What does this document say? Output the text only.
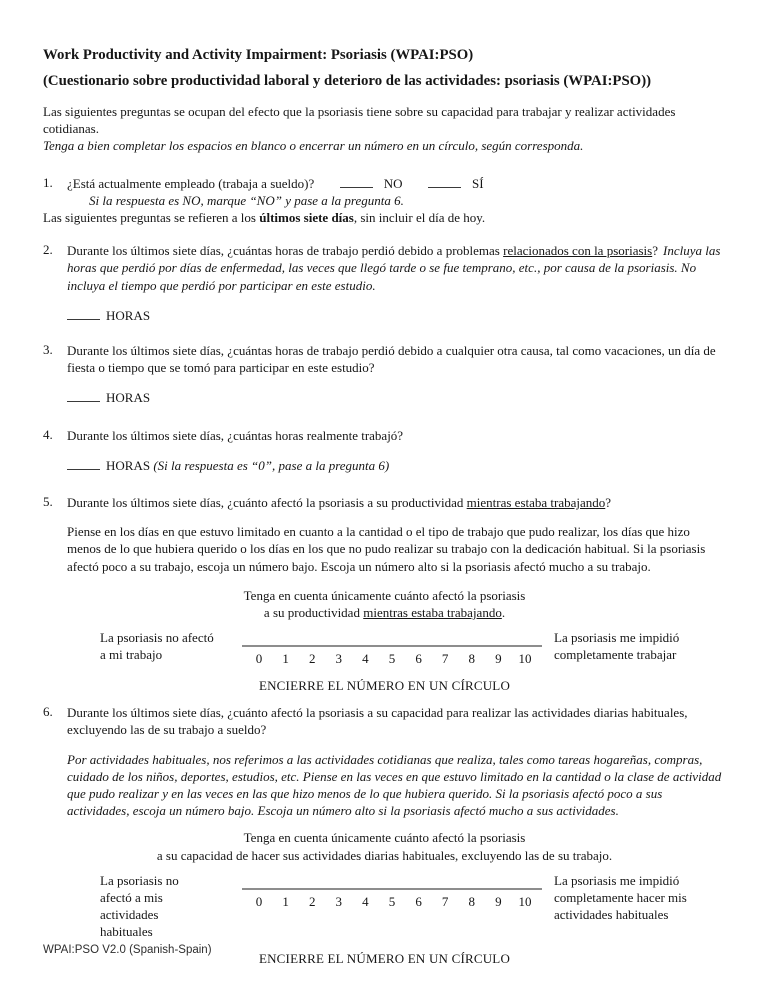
Work Productivity and Activity Impairment: Psoriasis (WPAI:PSO)

(Cuestionario sobre productividad laboral y deterioro de las actividades: psoriasis (WPAI:PSO))

Las siguientes preguntas se ocupan del efecto que la psoriasis tiene sobre su capacidad para trabajar y realizar actividades cotidianas.

Tenga a bien completar los espacios en blanco o encerrar un número en un círculo, según corresponda.

1.	¿Está actualmente empleado (trabaja a sueldo)?	NO	SÍ
Si la respuesta es NO, marque “NO” y pase a la pregunta 6.

Las siguientes preguntas se refieren a los últimos siete días, sin incluir el día de hoy.

2.	Durante los últimos siete días, ¿cuántas horas de trabajo perdió debido a problemas relacionados con la psoriasis? Incluya las horas que perdió por días de enfermedad, las veces que llegó tarde o se fue temprano, etc., por causa de la psoriasis. No incluya el tiempo que perdió por participar en este estudio.
HORAS
3.	Durante los últimos siete días, ¿cuántas horas de trabajo perdió debido a cualquier otra causa, tal como vacaciones, un día de fiesta o tiempo que se tomó para participar en este estudio?
HORAS
4.	Durante los últimos siete días, ¿cuántas horas realmente trabajó?
HORAS (Si la respuesta es “0”, pase a la pregunta 6)
5.	Durante los últimos siete días, ¿cuánto afectó la psoriasis a su productividad mientras estaba trabajando?
Piense en los días en que estuvo limitado en cuanto a la cantidad o el tipo de trabajo que pudo realizar, los días que hizo menos de lo que hubiera querido o los días en los que no pudo realizar su trabajo con la dedicación habitual. Si la psoriasis afectó poco a su trabajo, escoja un número bajo. Escoja un número alto si la psoriasis afectó mucho a su trabajo.
Tenga en cuenta únicamente cuánto afectó la psoriasis
a su productividad mientras estaba trabajando.
La psoriasis no afectó a mi trabajo	0 1 2 3 4 5 6 7 8 9 10
La psoriasis me impidió completamente trabajar
ENCIERRE EL NÚMERO EN UN CÍRCULO
6.	Durante los últimos siete días, ¿cuánto afectó la psoriasis a su capacidad para realizar las actividades diarias habituales, excluyendo las de su trabajo a sueldo?
Por actividades habituales, nos referimos a las actividades cotidianas que realiza, tales como tareas hogareñas, compras, cuidado de los niños, deportes, estudios, etc. Piense en las veces en que estuvo limitado en la cantidad o la clase de actividad que pudo realizar y en las veces en las que hizo menos de lo que hubiera querido. Si la psoriasis afectó poco a sus actividades, escoja un número bajo. Escoja un número alto si la psoriasis afectó mucho a sus actividades.
Tenga en cuenta únicamente cuánto afectó la psoriasis
a su capacidad de hacer sus actividades diarias habituales, excluyendo las de su trabajo.
La psoriasis no afectó a mis actividades habituales
0 1 2 3 4 5 6 7 8 9 10
La psoriasis me impidió completamente hacer mis actividades habituales
ENCIERRE EL NÚMERO EN UN CÍRCULO
WPAI:PSO V2.0 (Spanish-Spain)
